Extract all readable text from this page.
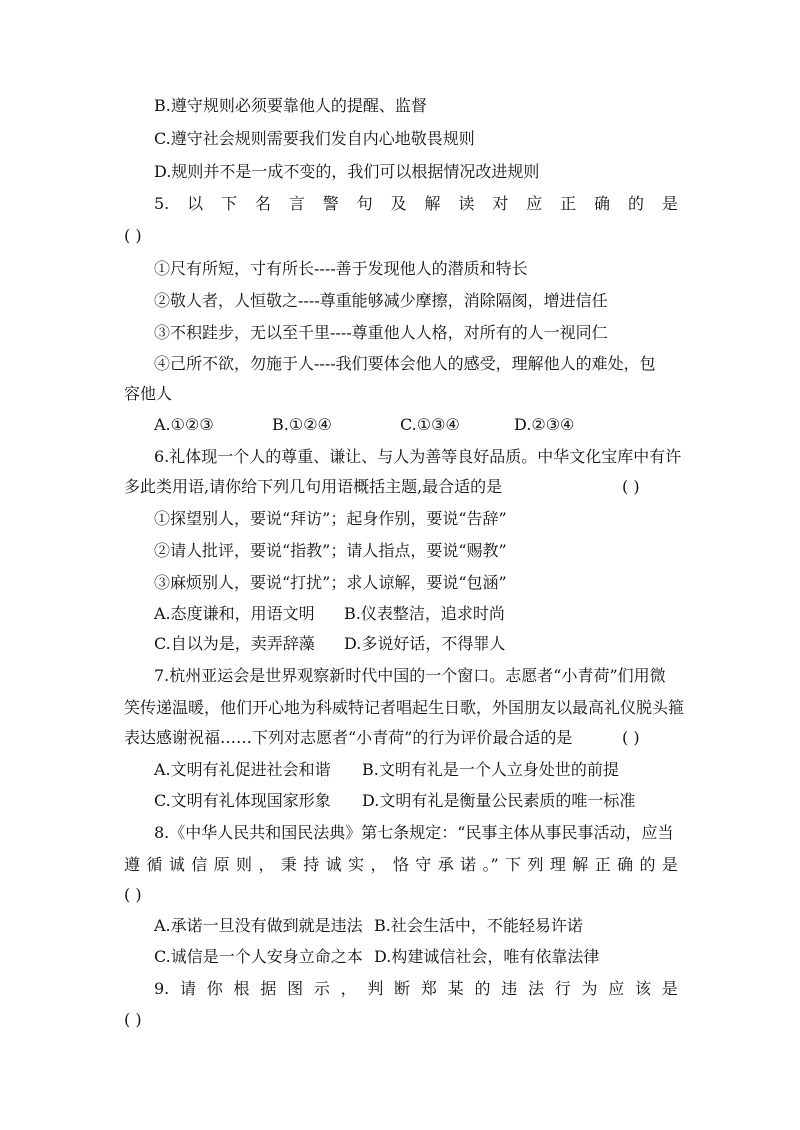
B.遵守规则必须要靠他人的提醒、监督
C.遵守社会规则需要我们发自内心地敬畏规则
D.规则并不是一成不变的，我们可以根据情况改进规则
5. 以 下 名 言 警 句 及 解 读 对 应 正 确 的 是
( )
①尺有所短，寸有所长----善于发现他人的潜质和特长
②敬人者，人恒敬之----尊重能够减少摩擦，消除隔阂，增进信任
③不积跬步，无以至千里----尊重他人人格，对所有的人一视同仁
④己所不欲，勿施于人----我们要体会他人的感受，理解他人的难处，包
容他人
A.①②③	B.①②④	C.①③④	D.②③④
6.礼体现一个人的尊重、谦让、与人为善等良好品质。中华文化宝库中有许
多此类用语,请你给下列几句用语概括主题,最合适的是	( )
①探望别人，要说“拜访”；起身作别，要说“告辞”
②请人批评，要说“指教”；请人指点，要说“赐教”
③麻烦别人，要说“打扰”；求人谅解，要说“包涵”
A.态度谦和，用语文明	B.仪表整洁，追求时尚
C.自以为是，卖弄辞藻	D.多说好话，不得罪人
7.杭州亚运会是世界观察新时代中国的一个窗口。志愿者“小青荷”们用微
笑传递温暖，他们开心地为科威特记者唱起生日歌，外国朋友以最高礼仪脱头箍
表达感谢祝福……下列对志愿者“小青荷”的行为评价最合适的是	( )
A.文明有礼促进社会和谐	B.文明有礼是一个人立身处世的前提
C.文明有礼体现国家形象	D.文明有礼是衡量公民素质的唯一标准
8.《中华人民共和国民法典》第七条规定：“民事主体从事民事活动，应当
遵 循 诚 信 原 则 ， 秉 持 诚 实 ， 恪 守 承 诺 。” 下 列 理 解 正 确 的 是
( )
A.承诺一旦没有做到就是违法 B.社会生活中，不能轻易许诺
C.诚信是一个人安身立命之本 D.构建诚信社会，唯有依靠法律
9. 请 你 根 据 图 示 ， 判 断 郑 某 的 违 法 行 为 应 该 是
( )
